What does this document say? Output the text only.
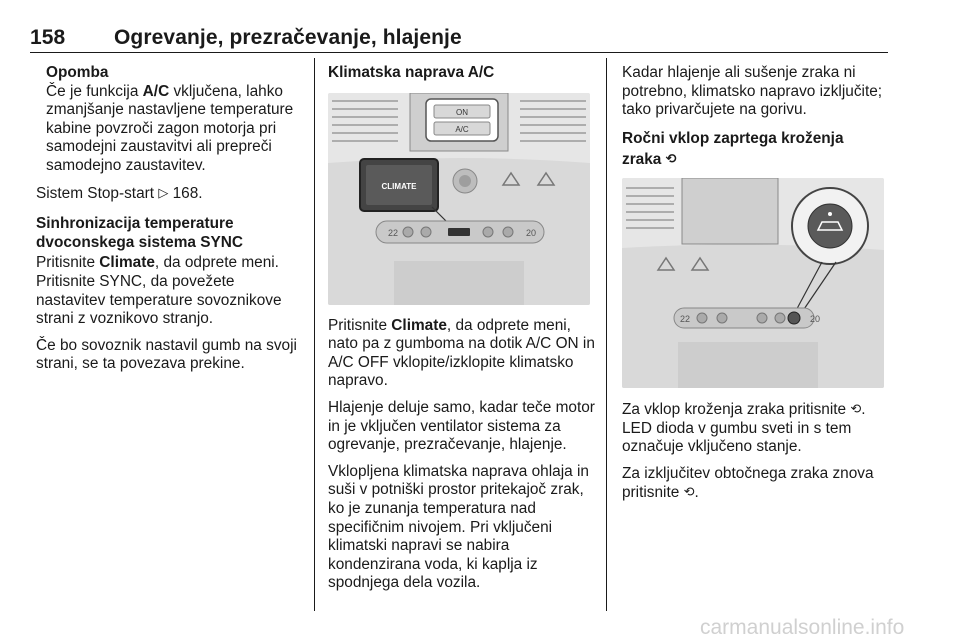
158 Ogrevanje, prezračevanje, hlajenje
Opomba

Če je funkcija A/C vključena, lahko zmanjšanje nastavljene temperature kabine povzroči zagon motorja pri samodejni zaustavitvi ali prepreči samodejno zaustavitev.

Sistem Stop-start ▷ 168.

Sinhronizacija temperature dvoconskega sistema SYNC

Pritisnite Climate, da odprete meni. Pritisnite SYNC, da povežete nastavitev temperature sovoznikove strani z voznikovo stranjo.

Če bo sovoznik nastavil gumb na svoji strani, se ta povezava prekine.

Klimatska naprava A/C

ON
A/C
CLIMATE
22	20

Pritisnite Climate, da odprete meni, nato pa z gumboma na dotik A/C ON in A/C OFF vklopite/izklopite klimatsko napravo.

Hlajenje deluje samo, kadar teče motor in je vključen ventilator sistema za ogrevanje, prezračevanje, hlajenje.

Vklopljena klimatska naprava ohlaja in suši v potniški prostor pritekajoč zrak, ko je zunanja temperatura nad specifičnim nivojem. Pri vključeni klimatski napravi se nabira kondenzirana voda, ki kaplja iz spodnjega dela vozila.

Kadar hlajenje ali sušenje zraka ni potrebno, klimatsko napravo izključite; tako privarčujete na gorivu.

Ročni vklop zaprtega kroženja

zraka ⟲

22	20

Za vklop kroženja zraka pritisnite ⟲. LED dioda v gumbu sveti in s tem označuje vključeno stanje.

Za izključitev obtočnega zraka znova pritisnite ⟲.

carmanualsonline.info
